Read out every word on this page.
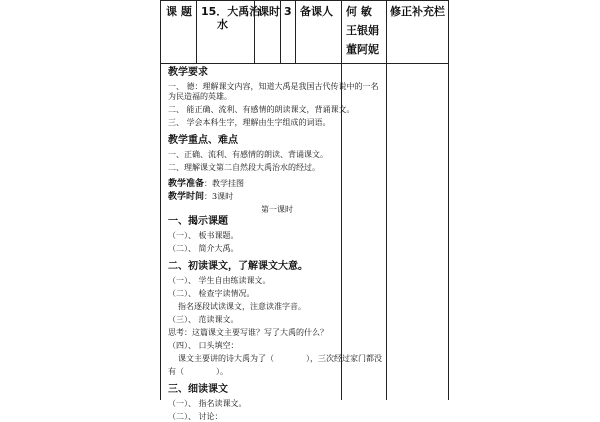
课 题 15．大禹治
水
课时 3 备课人 何 敏
王银娟
董阿妮
修正补充栏
教学要求
一、 德：理解课文内容，知道大禹是我国古代传说中的一名为民造福的英雄。
二、 能正确、流利、有感情的朗读课文，背诵课文。
三、 学会本科生字，理解由生字组成的词语。
教学重点、难点
一、正确、流利、有感情的朗读、背诵课文。
二、理解课文第二自然段大禹治水的经过。
教学准备：教学挂图
教学时间：3课时
第一课时
一、揭示课题
（一）、 板书课题。
（二）、 简介大禹。
二、初读课文，了解课文大意。
（一）、 学生自由练读课文。
（二）、 检查字读情况。
指名逐段试读课文，注意读准字音。
（三）、 范读课文。
思考：这篇课文主要写谁？写了大禹的什么？
（四）、 口头填空：
课文主要讲的诗大禹为了（　　　　），三次经过家门都没
有（　　　　）。
三、细读课文
（一）、 指名读课文。
（二）、 讨论：
